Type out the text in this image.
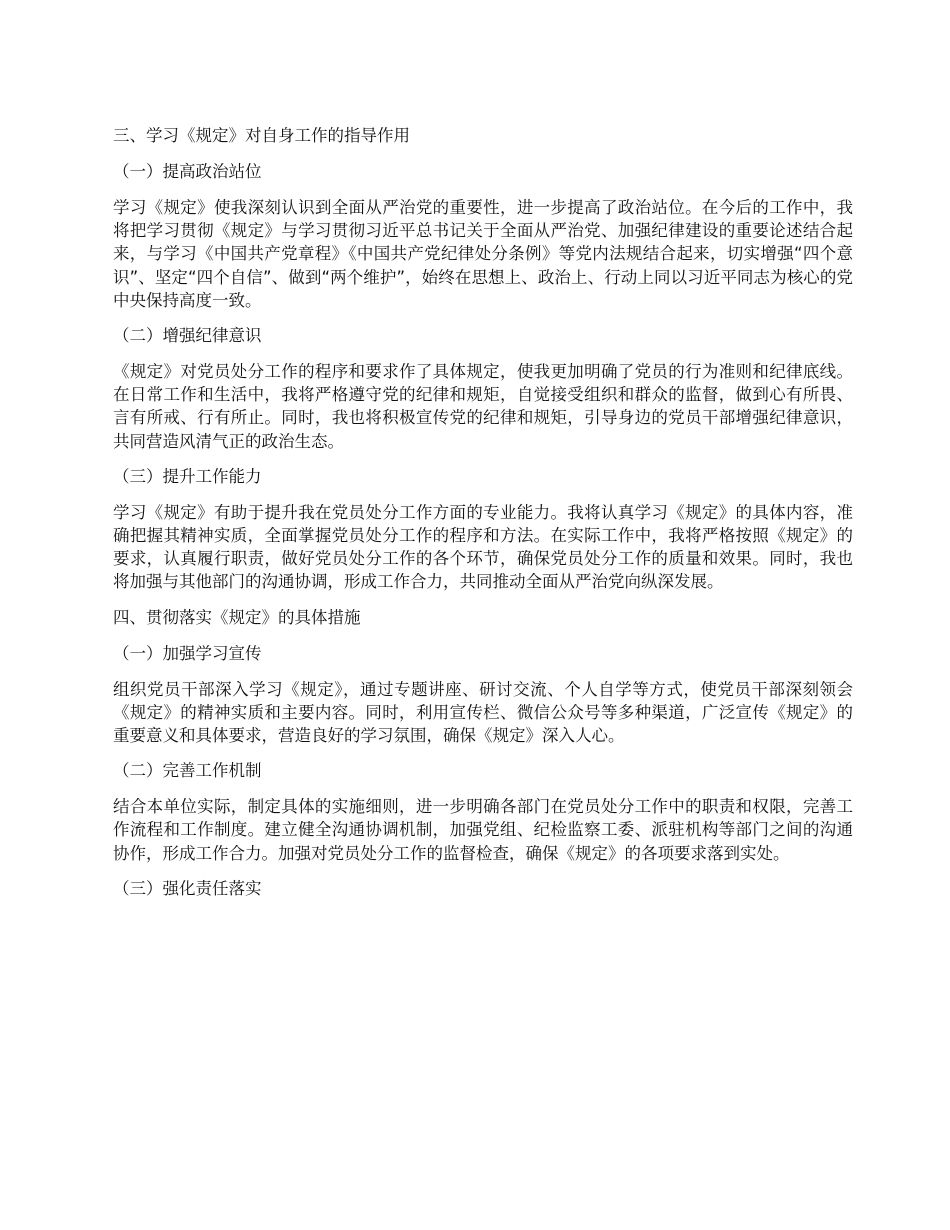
三、学习《规定》对自身工作的指导作用
（一）提高政治站位
学习《规定》使我深刻认识到全面从严治党的重要性，进一步提高了政治站位。在今后的工作中，我将把学习贯彻《规定》与学习贯彻习近平总书记关于全面从严治党、加强纪律建设的重要论述结合起来，与学习《中国共产党章程》《中国共产党纪律处分条例》等党内法规结合起来，切实增强“四个意识”、坚定“四个自信”、做到“两个维护”，始终在思想上、政治上、行动上同以习近平同志为核心的党中央保持高度一致。
（二）增强纪律意识
《规定》对党员处分工作的程序和要求作了具体规定，使我更加明确了党员的行为准则和纪律底线。在日常工作和生活中，我将严格遵守党的纪律和规矩，自觉接受组织和群众的监督，做到心有所畏、言有所戒、行有所止。同时，我也将积极宣传党的纪律和规矩，引导身边的党员干部增强纪律意识，共同营造风清气正的政治生态。
（三）提升工作能力
学习《规定》有助于提升我在党员处分工作方面的专业能力。我将认真学习《规定》的具体内容，准确把握其精神实质，全面掌握党员处分工作的程序和方法。在实际工作中，我将严格按照《规定》的要求，认真履行职责，做好党员处分工作的各个环节，确保党员处分工作的质量和效果。同时，我也将加强与其他部门的沟通协调，形成工作合力，共同推动全面从严治党向纵深发展。
四、贯彻落实《规定》的具体措施
（一）加强学习宣传
组织党员干部深入学习《规定》，通过专题讲座、研讨交流、个人自学等方式，使党员干部深刻领会《规定》的精神实质和主要内容。同时，利用宣传栏、微信公众号等多种渠道，广泛宣传《规定》的重要意义和具体要求，营造良好的学习氛围，确保《规定》深入人心。
（二）完善工作机制
结合本单位实际，制定具体的实施细则，进一步明确各部门在党员处分工作中的职责和权限，完善工作流程和工作制度。建立健全沟通协调机制，加强党组、纪检监察工委、派驻机构等部门之间的沟通协作，形成工作合力。加强对党员处分工作的监督检查，确保《规定》的各项要求落到实处。
（三）强化责任落实
